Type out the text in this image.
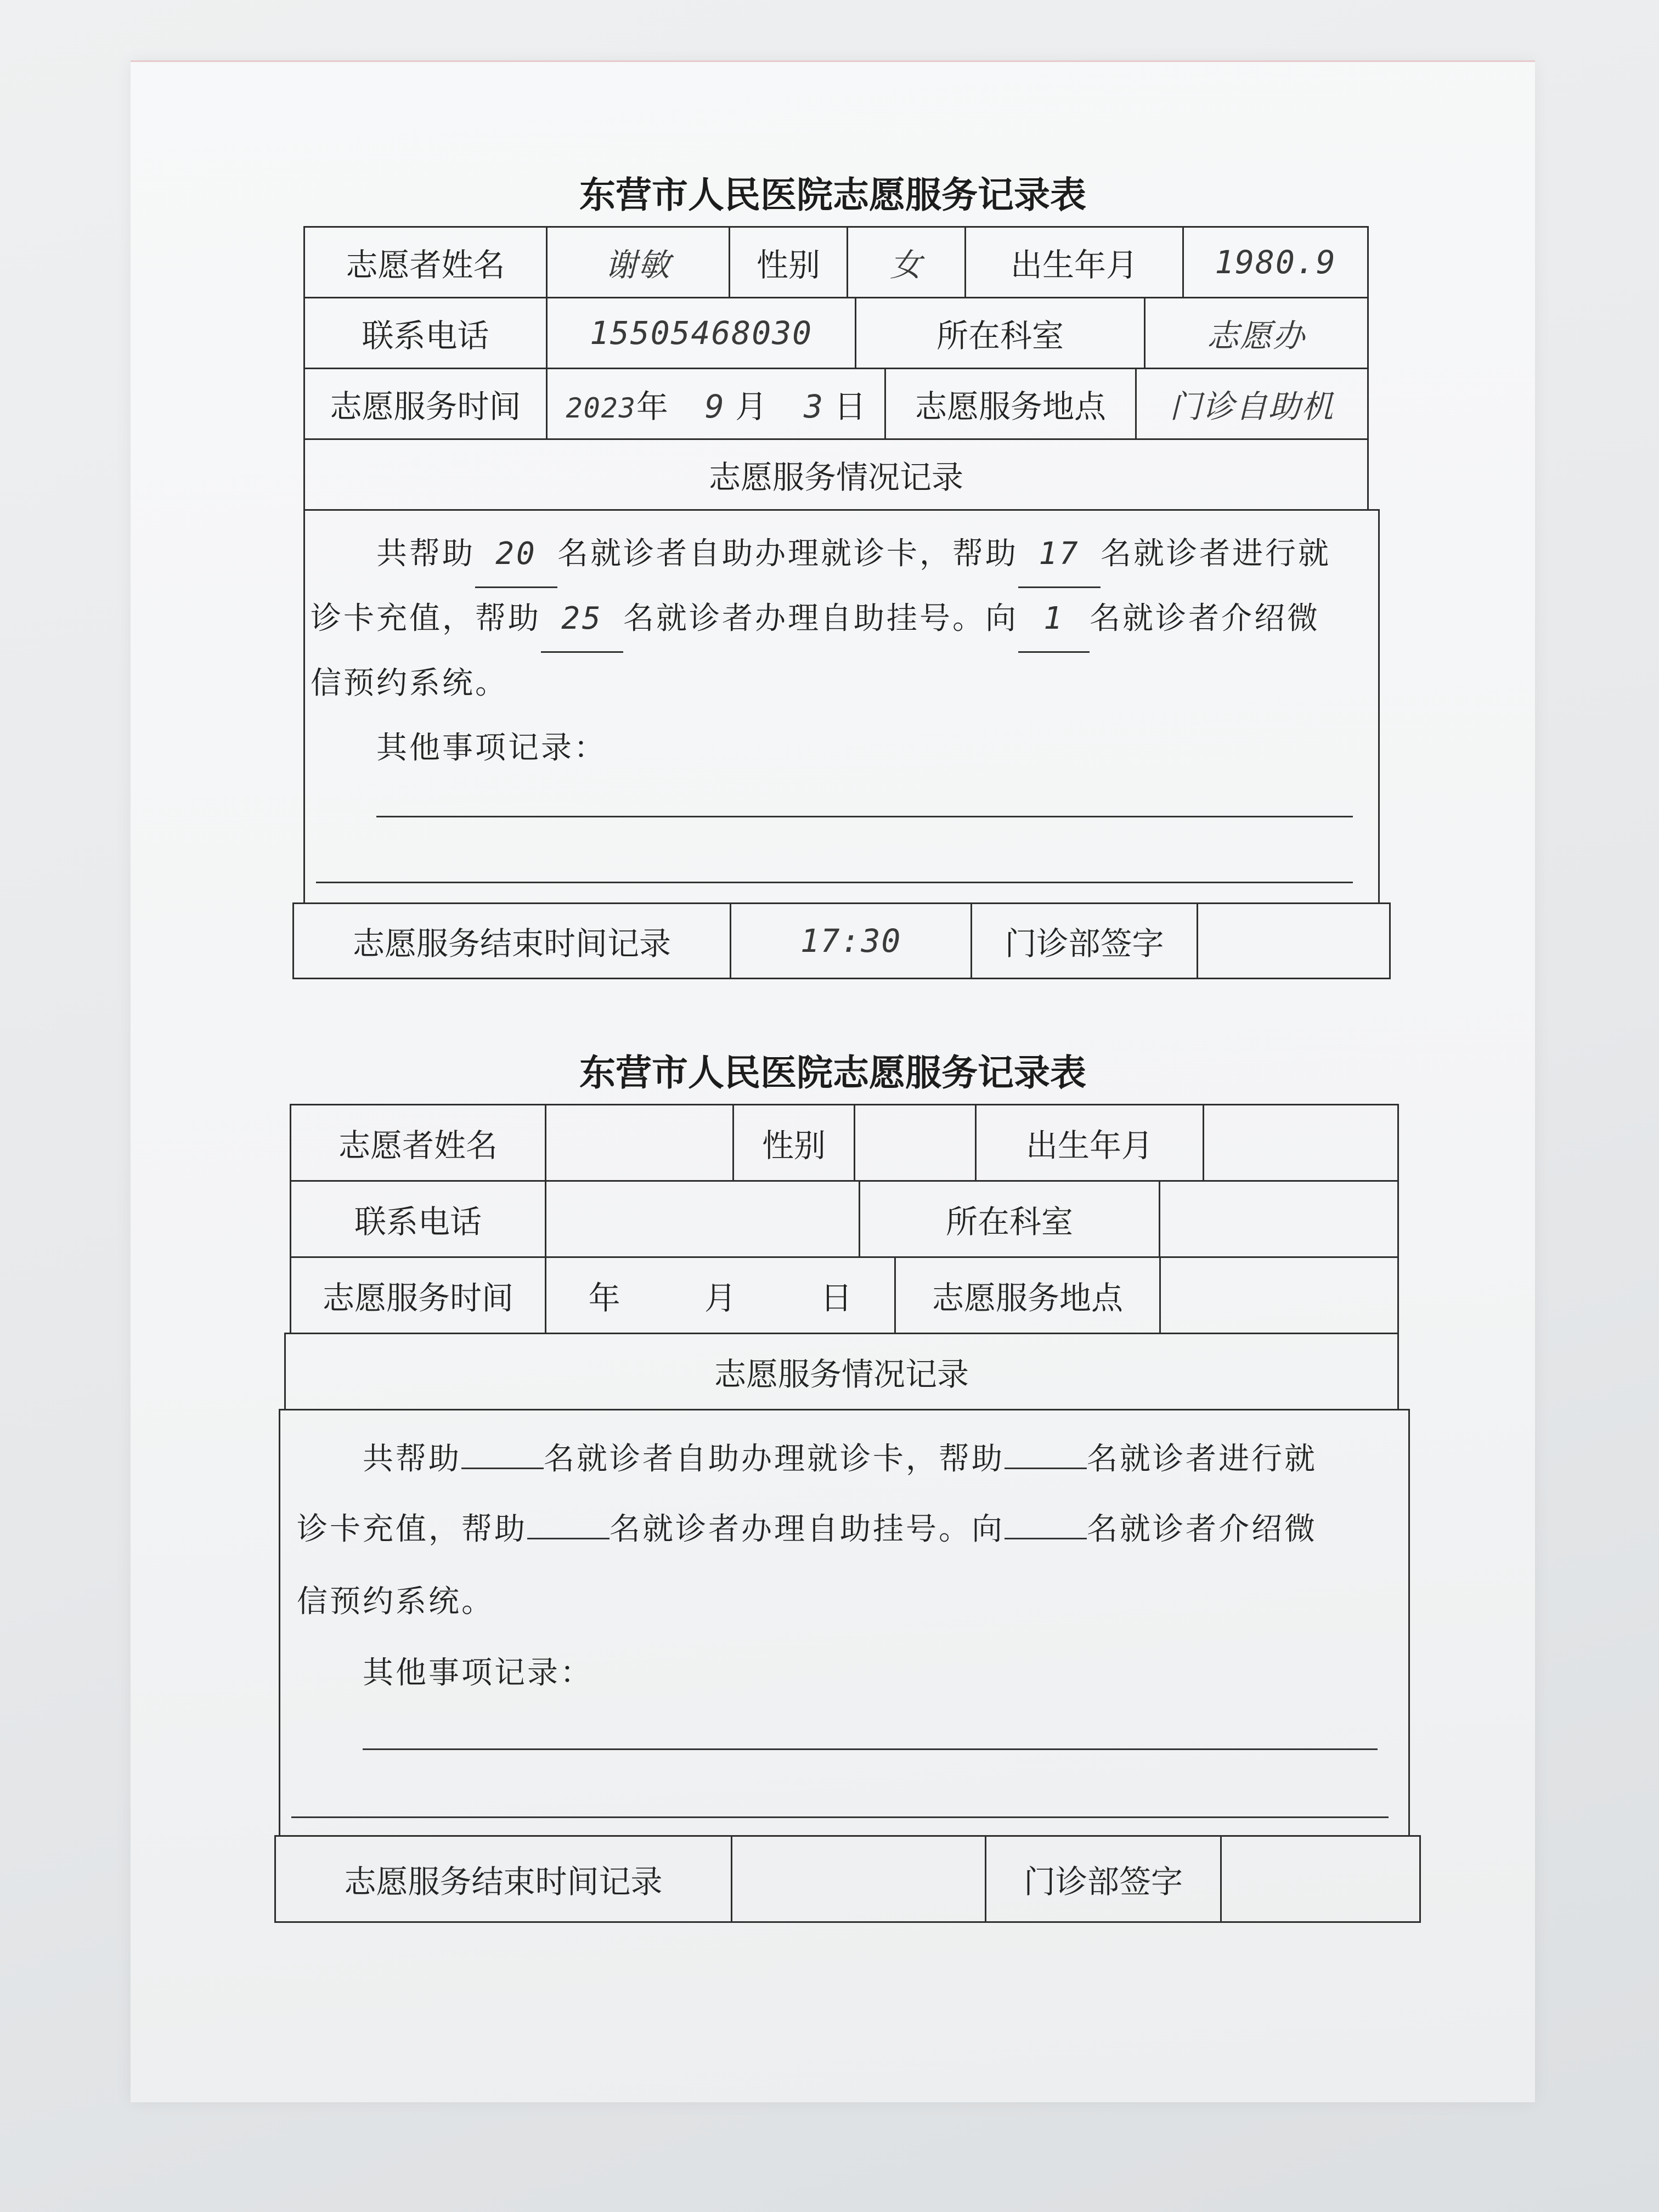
东营市人民医院志愿服务记录表
志愿者姓名	谢敏	性别	女	出生年月	1980.9
联系电话	15505468030	所在科室	志愿办
志愿服务时间	2023年 9 月 3 日	志愿服务地点	门诊自助机
志愿服务情况记录
共帮助 20 名就诊者自助办理就诊卡，帮助 17 名就诊者进行就
诊卡充值，帮助 25 名就诊者办理自助挂号。向 1 名就诊者介绍微
信预约系统。
其他事项记录：
志愿服务结束时间记录	17:30	门诊部签字
东营市人民医院志愿服务记录表
志愿者姓名	性别	出生年月
联系电话	所在科室
志愿服务时间	年	月	日	志愿服务地点
志愿服务情况记录
共帮助	名就诊者自助办理就诊卡，帮助	名就诊者进行就
诊卡充值，帮助	名就诊者办理自助挂号。向	名就诊者介绍微
信预约系统。
其他事项记录：
志愿服务结束时间记录	门诊部签字
